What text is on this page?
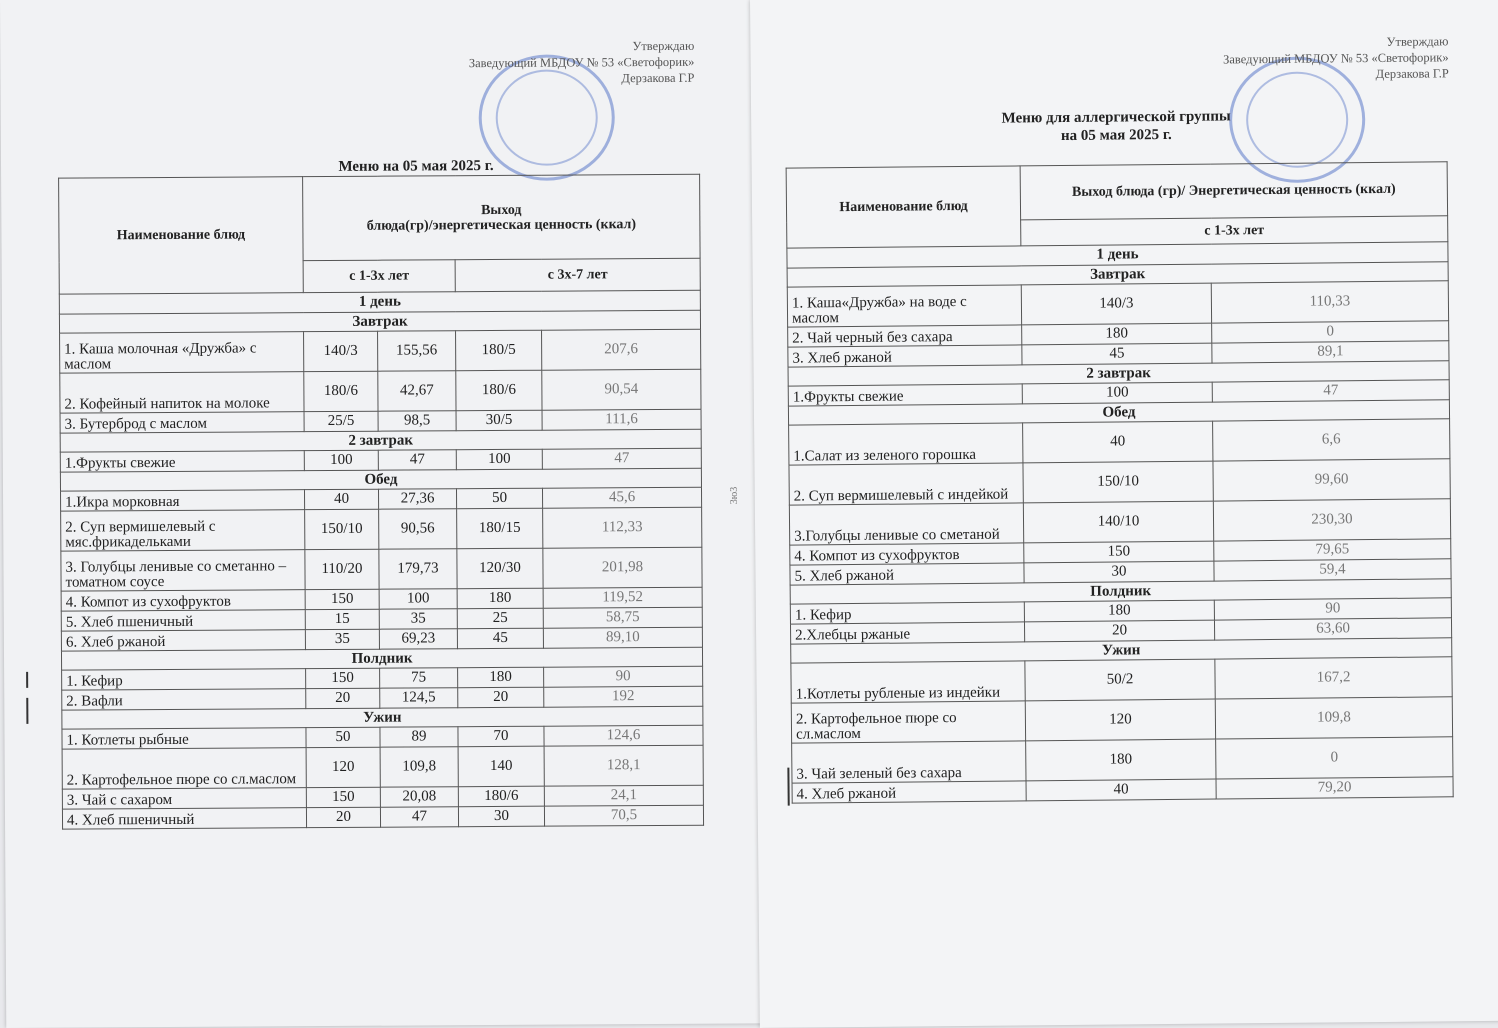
Утверждаю
Заведующий МБДОУ № 53 «Светофорик»
Дерзакова Г.Р
Меню на 05 мая 2025 г.
Наименование блюд	Выход
блюда(гр)/энергетическая ценность (ккал)			

	с 1-3х лет		с 3х-7 лет	
1 день				
Завтрак				
1. Каша молочная «Дружба» с маслом	140/3	155,56	180/5	207,6
2. Кофейный напиток на молоке	180/6	42,67	180/6	90,54
3. Бутерброд с маслом	25/5	98,5	30/5	111,6
2 завтрак				
1.Фрукты свежие	100	47	100	47
Обед				
1.Икра морковная	40	27,36	50	45,6
2. Суп вермишелевый с мяс.фрикадельками	150/10	90,56	180/15	112,33
3. Голубцы ленивые со сметанно –томатном соусе	110/20	179,73	120/30	201,98
4. Компот из сухофруктов	150	100	180	119,52
5. Хлеб пшеничный	15	35	25	58,75
6. Хлеб ржаной	35	69,23	45	89,10
Полдник				
1. Кефир	150	75	180	90
2. Вафли	20	124,5	20	192
Ужин				
1. Котлеты рыбные	50	89	70	124,6
2. Картофельное пюре со сл.маслом	120	109,8	140	128,1
3. Чай с сахаром	150	20,08	180/6	24,1
4. Хлеб пшеничный	20	47	30	70,5
Утверждаю
Заведующий МБДОУ № 53 «Светофорик»
Дерзакова Г.Р
Меню для аллергической группы
на 05 мая 2025 г.
Наименование блюд	Выход блюда (гр)/ Энергетическая ценность (ккал)	
	с 1-3х лет	
1 день		
Завтрак		
1. Каша«Дружба» на воде с маслом	140/3	110,33
2. Чай черный без сахара	180	0
3. Хлеб ржаной	45	89,1
2 завтрак		
1.Фрукты свежие	100	47
Обед		
1.Салат из зеленого горошка	40	6,6
2. Суп вермишелевый с индейкой	150/10	99,60
3.Голубцы ленивые со сметаной	140/10	230,30
4. Компот из сухофруктов	150	79,65
5. Хлеб ржаной	30	59,4
Полдник		
1. Кефир	180	90
2.Хлебцы ржаные	20	63,60
Ужин		
1.Котлеты рубленые из индейки	50/2	167,2
2. Картофельное пюре со сл.маслом	120	109,8
3. Чай зеленый без сахара	180	0
4. Хлеб ржаной	40	79,20
3ю3
